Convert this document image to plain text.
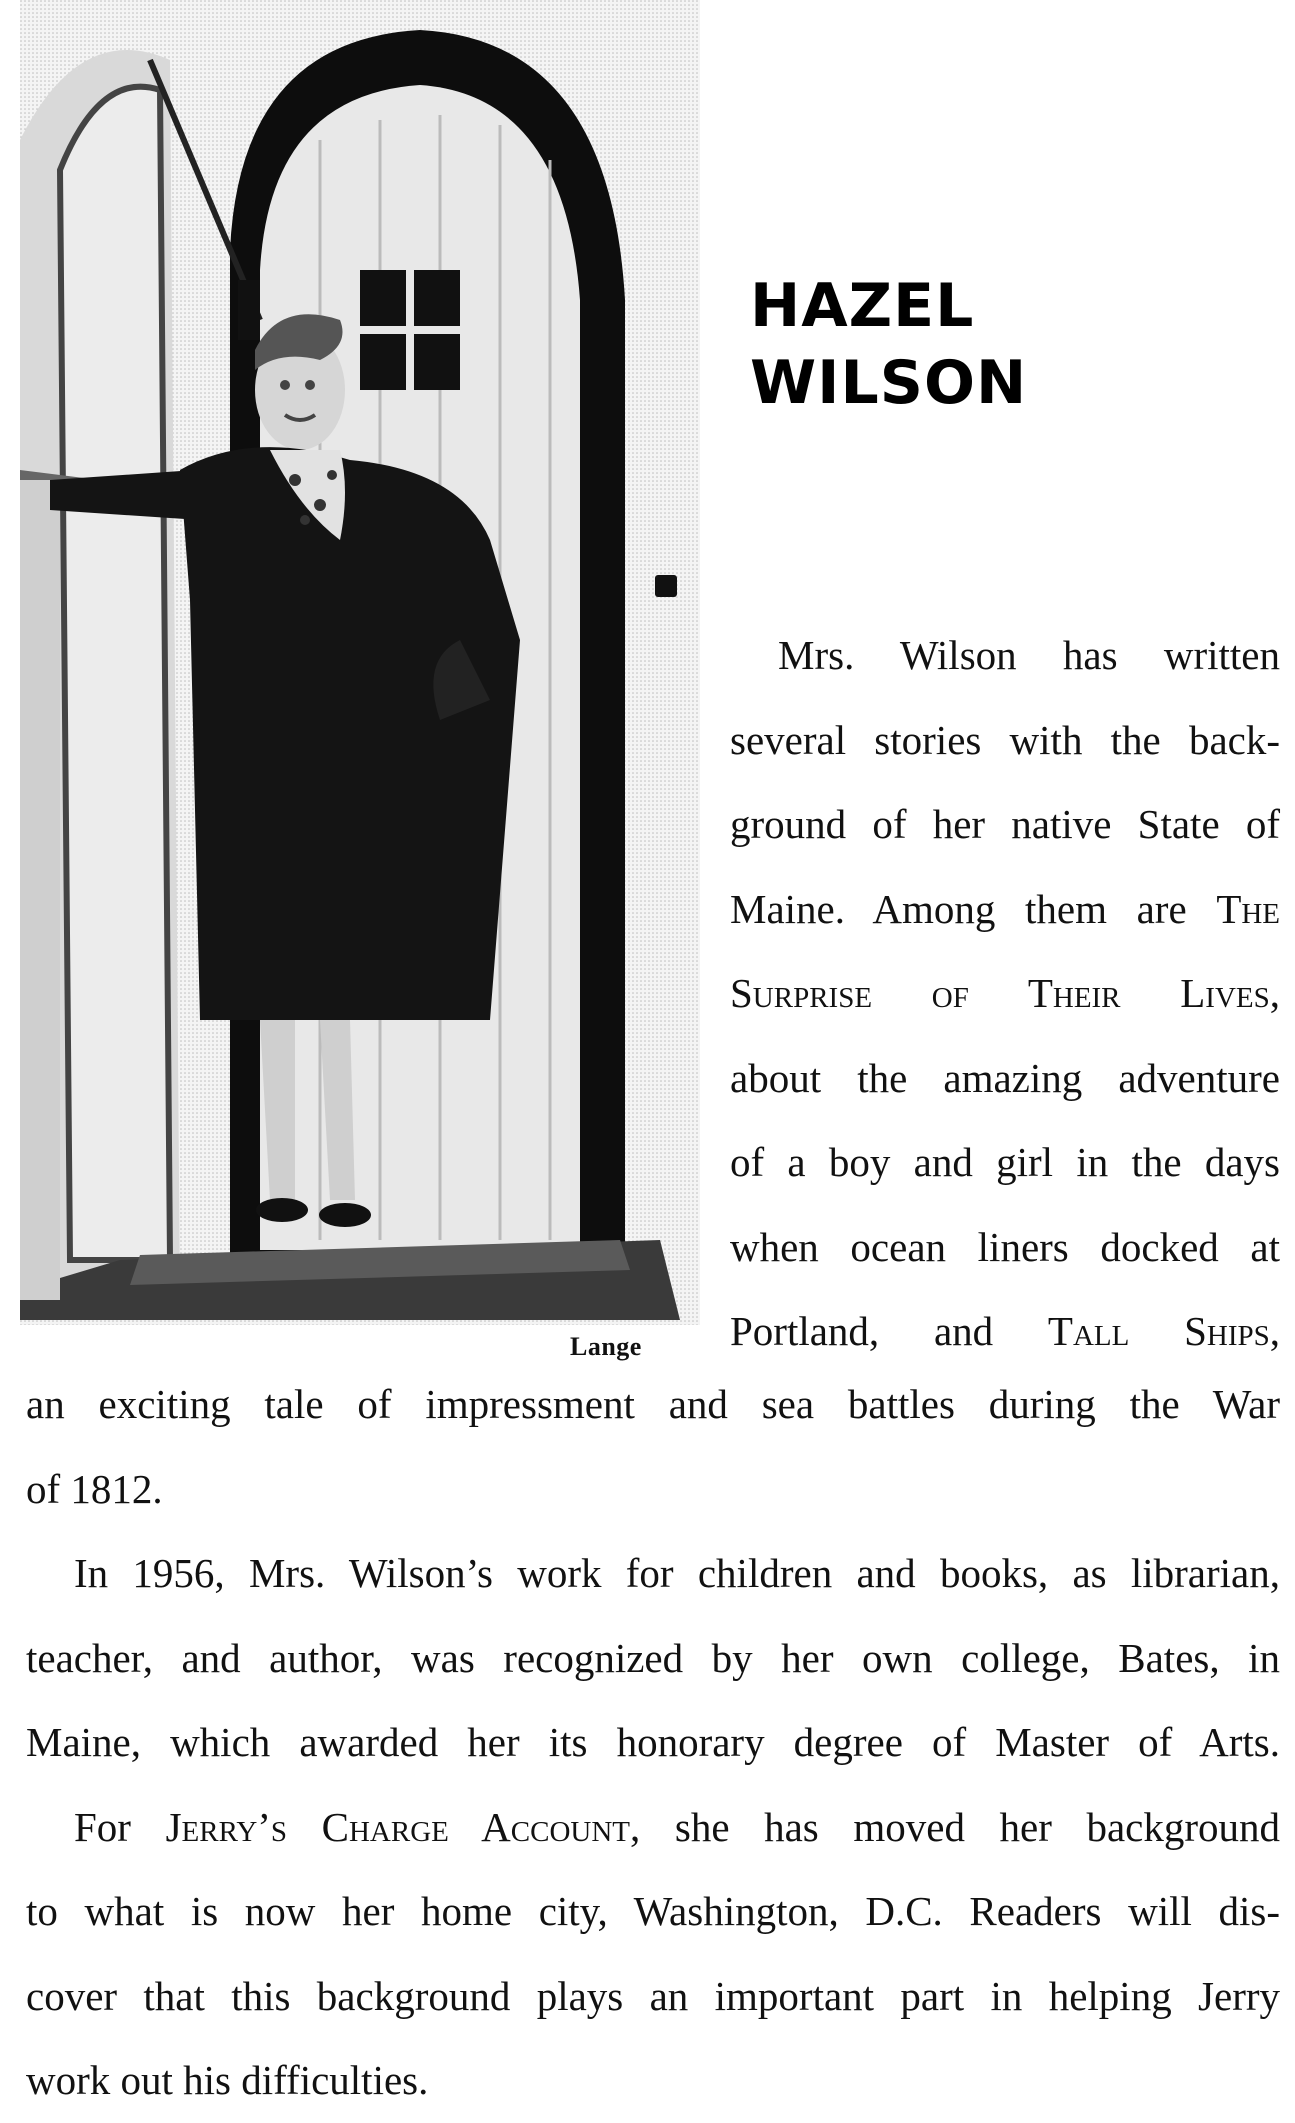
Lange
HAZEL
WILSON
Mrs. Wilson has written
several stories with the back-
ground of her native State of
Maine. Among them are The
Surprise of Their Lives,
about the amazing adventure
of a boy and girl in the days
when ocean liners docked at
Portland, and Tall Ships,
an exciting tale of impressment and sea battles during the War
of 1812.
In 1956, Mrs. Wilson’s work for children and books, as librarian,
teacher, and author, was recognized by her own college, Bates, in
Maine, which awarded her its honorary degree of Master of Arts.
For Jerry’s Charge Account, she has moved her background
to what is now her home city, Washington, D.C. Readers will dis-
cover that this background plays an important part in helping Jerry
work out his difficulties.
